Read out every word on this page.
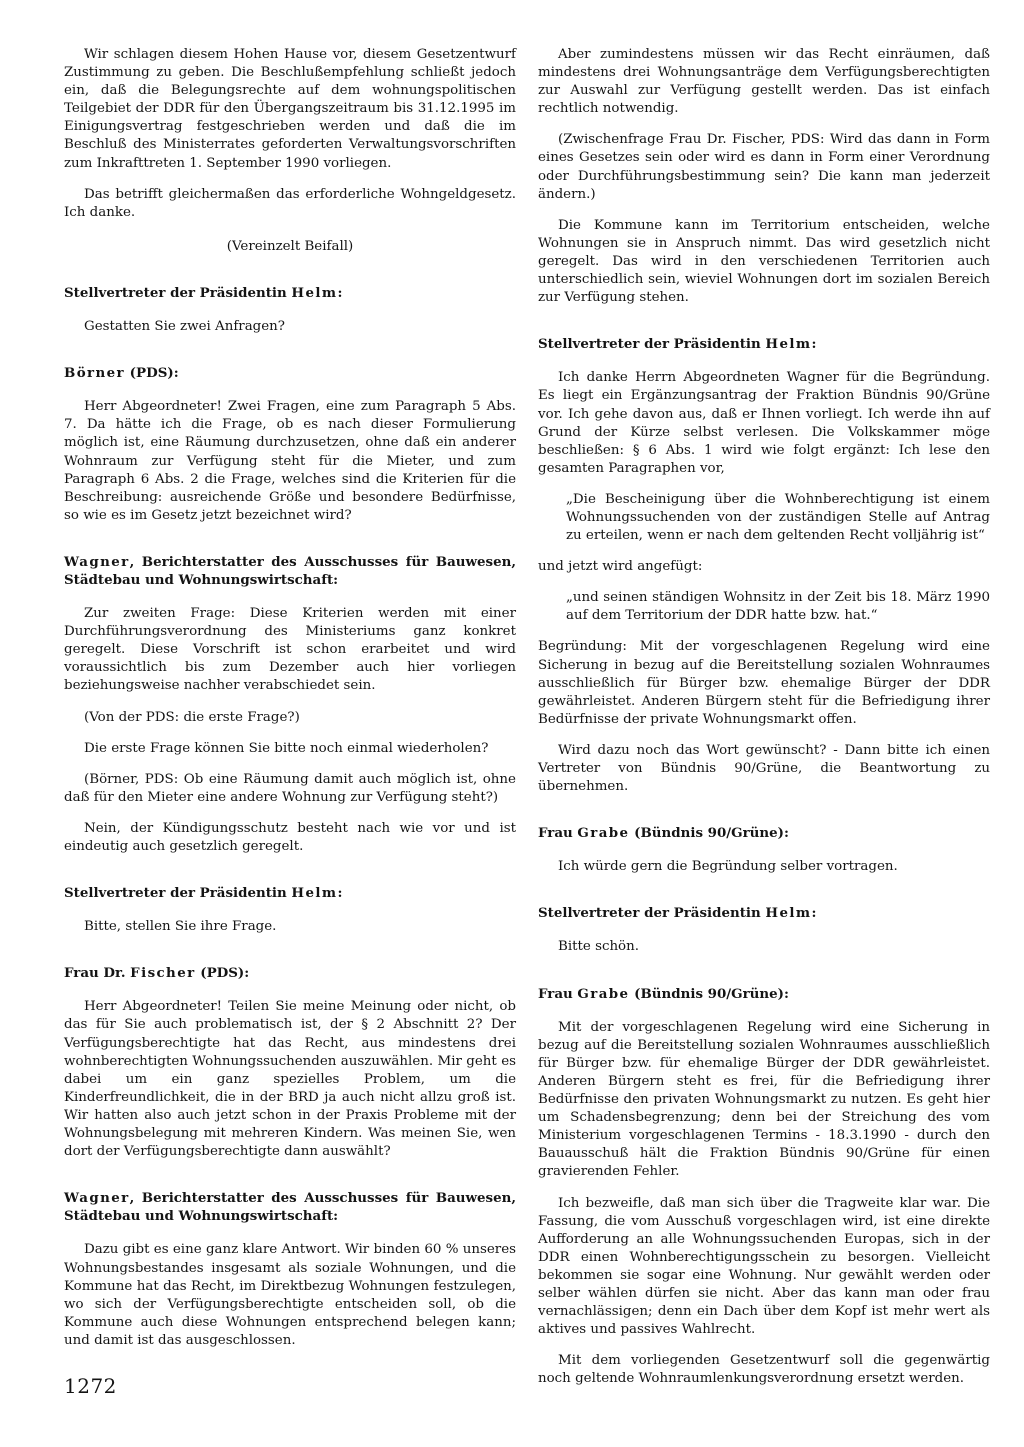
Wir schlagen diesem Hohen Hause vor, diesem Gesetzentwurf Zustimmung zu geben. Die Beschlußempfehlung schließt jedoch ein, daß die Belegungsrechte auf dem wohnungspolitischen Teilgebiet der DDR für den Übergangszeitraum bis 31.12.1995 im Einigungsvertrag festgeschrieben werden und daß die im Beschluß des Ministerrates geforderten Verwaltungsvorschriften zum Inkrafttreten 1. September 1990 vorliegen.

Das betrifft gleichermaßen das erforderliche Wohngeldgesetz. Ich danke.

(Vereinzelt Beifall)

Stellvertreter der Präsidentin Helm:

Gestatten Sie zwei Anfragen?

Börner (PDS):

Herr Abgeordneter! Zwei Fragen, eine zum Paragraph 5 Abs. 7. Da hätte ich die Frage, ob es nach dieser Formulierung möglich ist, eine Räumung durchzusetzen, ohne daß ein anderer Wohnraum zur Verfügung steht für die Mieter, und zum Paragraph 6 Abs. 2 die Frage, welches sind die Kriterien für die Beschreibung: ausreichende Größe und besondere Bedürfnisse, so wie es im Gesetz jetzt bezeichnet wird?

Wagner, Berichterstatter des Ausschusses für Bauwesen, Städtebau und Wohnungswirtschaft:

Zur zweiten Frage: Diese Kriterien werden mit einer Durchführungsverordnung des Ministeriums ganz konkret geregelt. Diese Vorschrift ist schon erarbeitet und wird voraussichtlich bis zum Dezember auch hier vorliegen beziehungsweise nachher verabschiedet sein.

(Von der PDS: die erste Frage?)

Die erste Frage können Sie bitte noch einmal wiederholen?

(Börner, PDS: Ob eine Räumung damit auch möglich ist, ohne daß für den Mieter eine andere Wohnung zur Verfügung steht?)

Nein, der Kündigungsschutz besteht nach wie vor und ist eindeutig auch gesetzlich geregelt.

Stellvertreter der Präsidentin Helm:

Bitte, stellen Sie ihre Frage.

Frau Dr. Fischer (PDS):

Herr Abgeordneter! Teilen Sie meine Meinung oder nicht, ob das für Sie auch problematisch ist, der § 2 Abschnitt 2? Der Verfügungsberechtigte hat das Recht, aus mindestens drei wohnberechtigten Wohnungssuchenden auszuwählen. Mir geht es dabei um ein ganz spezielles Problem, um die Kinderfreundlichkeit, die in der BRD ja auch nicht allzu groß ist. Wir hatten also auch jetzt schon in der Praxis Probleme mit der Wohnungsbelegung mit mehreren Kindern. Was meinen Sie, wen dort der Verfügungsberechtigte dann auswählt?

Wagner, Berichterstatter des Ausschusses für Bauwesen, Städtebau und Wohnungswirtschaft:

Dazu gibt es eine ganz klare Antwort. Wir binden 60 % unseres Wohnungsbestandes insgesamt als soziale Wohnungen, und die Kommune hat das Recht, im Direktbezug Wohnungen festzulegen, wo sich der Verfügungsberechtigte entscheiden soll, ob die Kommune auch diese Wohnungen entsprechend belegen kann; und damit ist das ausgeschlossen.

Aber zumindestens müssen wir das Recht einräumen, daß mindestens drei Wohnungsanträge dem Verfügungsberechtigten zur Auswahl zur Verfügung gestellt werden. Das ist einfach rechtlich notwendig.

(Zwischenfrage Frau Dr. Fischer, PDS: Wird das dann in Form eines Gesetzes sein oder wird es dann in Form einer Verordnung oder Durchführungsbestimmung sein? Die kann man jederzeit ändern.)

Die Kommune kann im Territorium entscheiden, welche Wohnungen sie in Anspruch nimmt. Das wird gesetzlich nicht geregelt. Das wird in den verschiedenen Territorien auch unterschiedlich sein, wieviel Wohnungen dort im sozialen Bereich zur Verfügung stehen.

Stellvertreter der Präsidentin Helm:

Ich danke Herrn Abgeordneten Wagner für die Begründung. Es liegt ein Ergänzungsantrag der Fraktion Bündnis 90/Grüne vor. Ich gehe davon aus, daß er Ihnen vorliegt. Ich werde ihn auf Grund der Kürze selbst verlesen. Die Volkskammer möge beschließen: § 6 Abs. 1 wird wie folgt ergänzt: Ich lese den gesamten Paragraphen vor,

„Die Bescheinigung über die Wohnberechtigung ist einem Wohnungssuchenden von der zuständigen Stelle auf Antrag zu erteilen, wenn er nach dem geltenden Recht volljährig ist“

und jetzt wird angefügt:

„und seinen ständigen Wohnsitz in der Zeit bis 18. März 1990 auf dem Territorium der DDR hatte bzw. hat.“

Begründung: Mit der vorgeschlagenen Regelung wird eine Sicherung in bezug auf die Bereitstellung sozialen Wohnraumes ausschließlich für Bürger bzw. ehemalige Bürger der DDR gewährleistet. Anderen Bürgern steht für die Befriedigung ihrer Bedürfnisse der private Wohnungsmarkt offen.

Wird dazu noch das Wort gewünscht? - Dann bitte ich einen Vertreter von Bündnis 90/Grüne, die Beantwortung zu übernehmen.

Frau Grabe (Bündnis 90/Grüne):

Ich würde gern die Begründung selber vortragen.

Stellvertreter der Präsidentin Helm:

Bitte schön.

Frau Grabe (Bündnis 90/Grüne):

Mit der vorgeschlagenen Regelung wird eine Sicherung in bezug auf die Bereitstellung sozialen Wohnraumes ausschließlich für Bürger bzw. für ehemalige Bürger der DDR gewährleistet. Anderen Bürgern steht es frei, für die Befriedigung ihrer Bedürfnisse den privaten Wohnungsmarkt zu nutzen. Es geht hier um Schadensbegrenzung; denn bei der Streichung des vom Ministerium vorgeschlagenen Termins - 18.3.1990 - durch den Bauausschuß hält die Fraktion Bündnis 90/Grüne für einen gravierenden Fehler.

Ich bezweifle, daß man sich über die Tragweite klar war. Die Fassung, die vom Ausschuß vorgeschlagen wird, ist eine direkte Aufforderung an alle Wohnungssuchenden Europas, sich in der DDR einen Wohnberechtigungsschein zu besorgen. Vielleicht bekommen sie sogar eine Wohnung. Nur gewählt werden oder selber wählen dürfen sie nicht. Aber das kann man oder frau vernachlässigen; denn ein Dach über dem Kopf ist mehr wert als aktives und passives Wahlrecht.

Mit dem vorliegenden Gesetzentwurf soll die gegenwärtig noch geltende Wohnraumlenkungsverordnung ersetzt werden.

1272
